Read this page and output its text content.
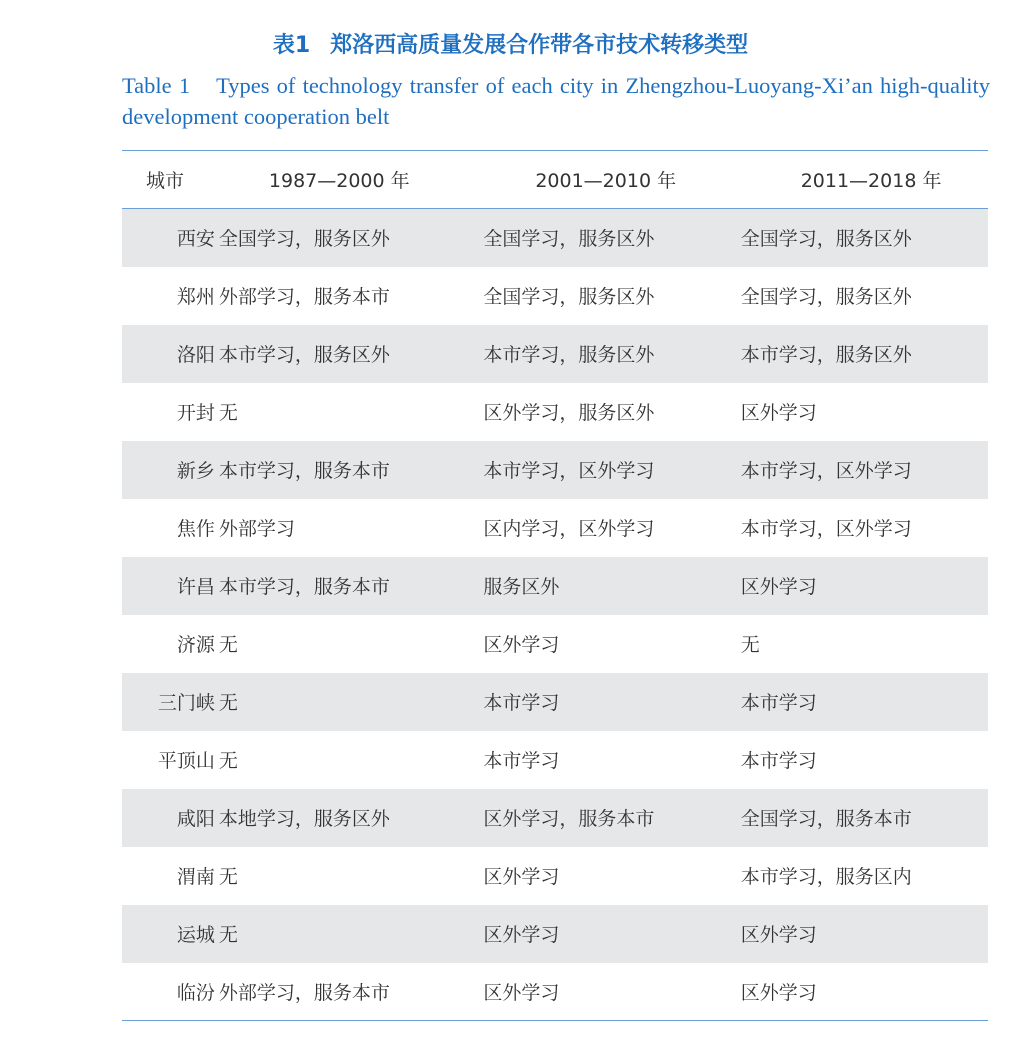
表1 郑洛西高质量发展合作带各市技术转移类型
Table 1 Types of technology transfer of each city in Zhengzhou-Luoyang-Xi’an high-quality development cooperation belt
城市	1987—2000 年	2001—2010 年	2011—2018 年
西安	全国学习，服务区外	全国学习，服务区外	全国学习，服务区外
郑州	外部学习，服务本市	全国学习，服务区外	全国学习，服务区外
洛阳	本市学习，服务区外	本市学习，服务区外	本市学习，服务区外
开封	无	区外学习，服务区外	区外学习
新乡	本市学习，服务本市	本市学习，区外学习	本市学习，区外学习
焦作	外部学习	区内学习，区外学习	本市学习，区外学习
许昌	本市学习，服务本市	服务区外	区外学习
济源	无	区外学习	无
三门峡	无	本市学习	本市学习
平顶山	无	本市学习	本市学习
咸阳	本地学习，服务区外	区外学习，服务本市	全国学习，服务本市
渭南	无	区外学习	本市学习，服务区内
运城	无	区外学习	区外学习
临汾	外部学习，服务本市	区外学习	区外学习
